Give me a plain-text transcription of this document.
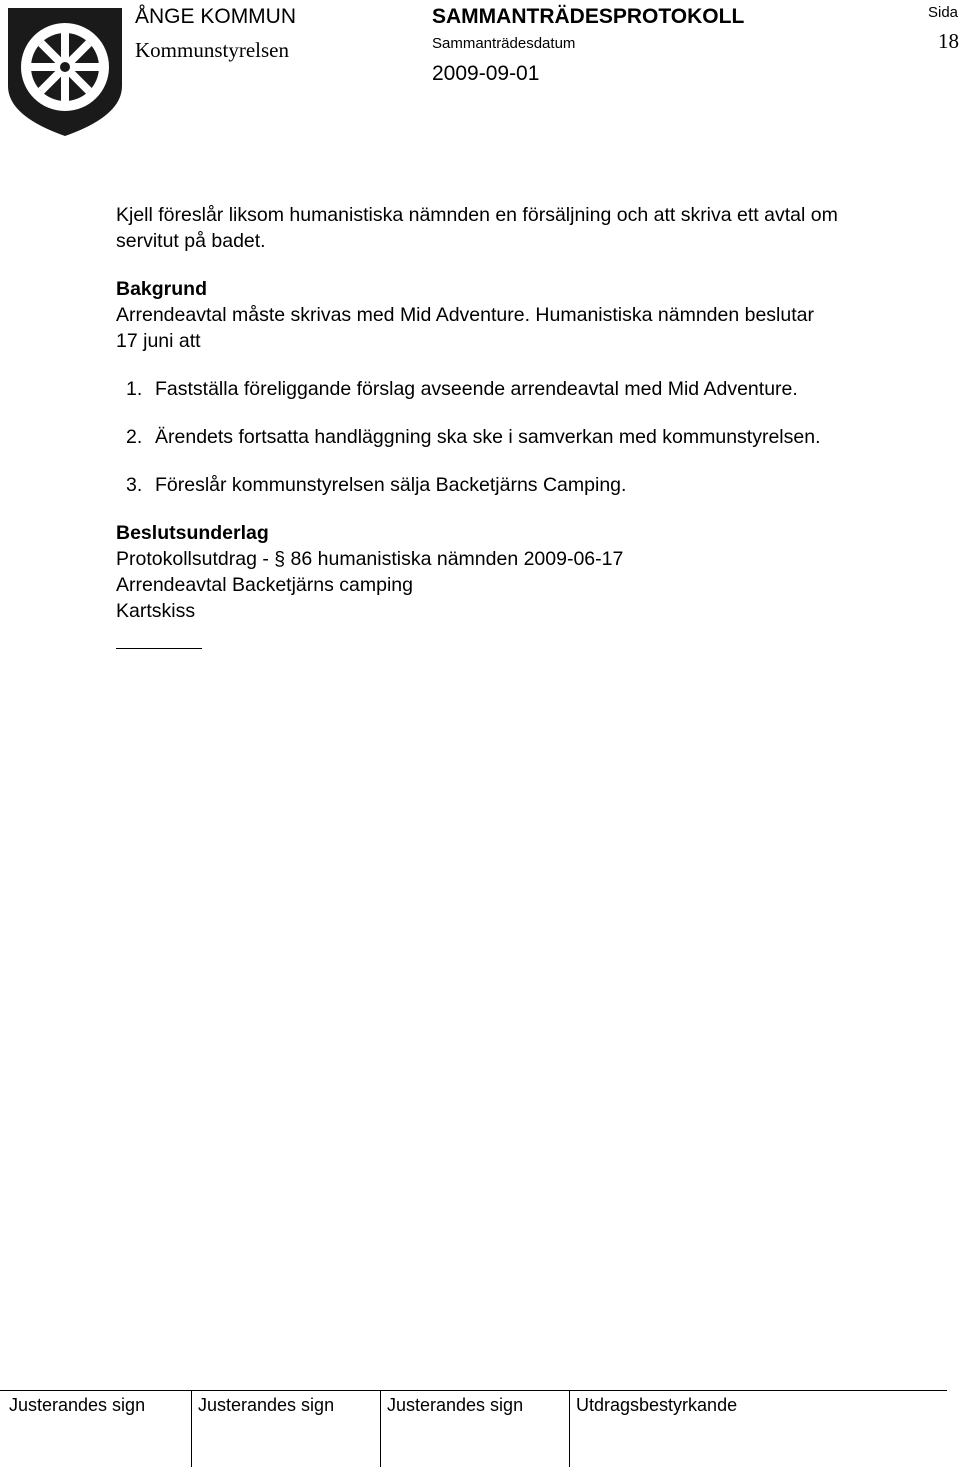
ÅNGE KOMMUN
Kommunstyrelsen
SAMMANTRÄDESPROTOKOLL
Sammanträdesdatum
2009-09-01
Sida
18
Kjell föreslår liksom humanistiska nämnden en försäljning och att skriva ett avtal om
servitut på badet.
Bakgrund
Arrendeavtal måste skrivas med Mid Adventure. Humanistiska nämnden beslutar
17 juni att
1. Fastställa föreliggande förslag avseende arrendeavtal med Mid Adventure.
2. Ärendets fortsatta handläggning ska ske i samverkan med kommunstyrelsen.
3. Föreslår kommunstyrelsen sälja Backetjärns Camping.
Beslutsunderlag
Protokollsutdrag - § 86 humanistiska nämnden 2009-06-17
Arrendeavtal Backetjärns camping
Kartskiss
Justerandes sign	Justerandes sign	Justerandes sign	Utdragsbestyrkande
